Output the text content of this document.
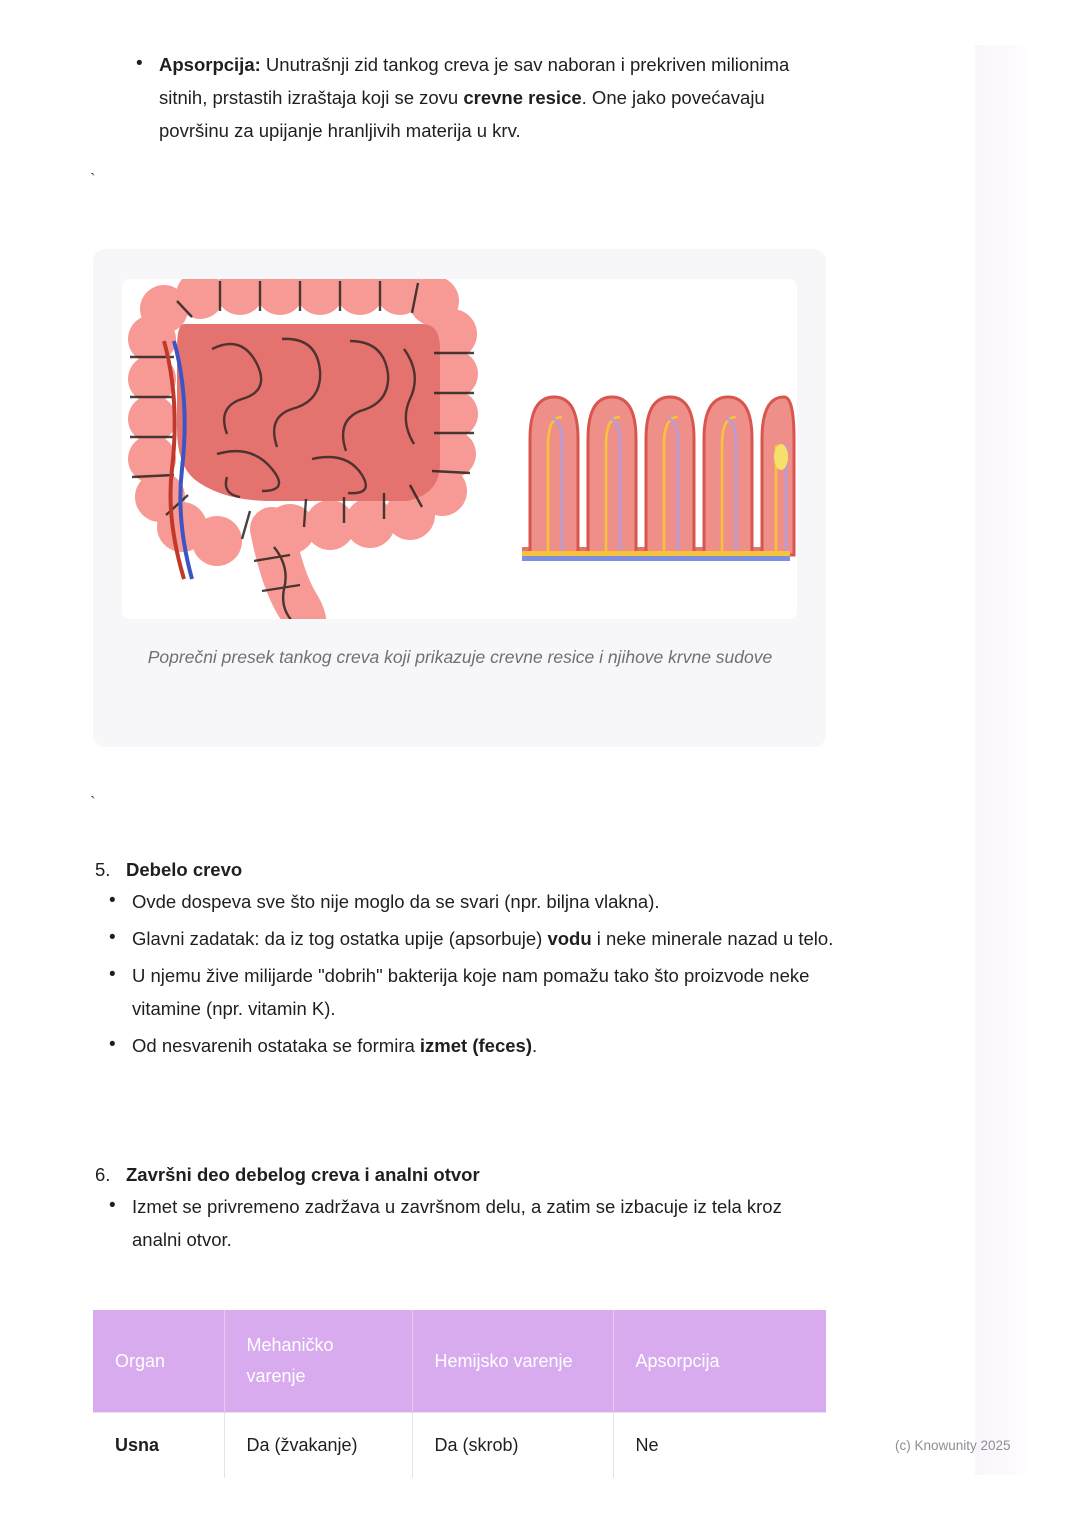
• Apsorpcija: Unutrašnji zid tankog creva je sav naboran i prekriven milionima sitnih, prstastih izraštaja koji se zovu crevne resice. One jako povećavaju površinu za upijanje hranljivih materija u krv.
`
Poprečni presek tankog creva koji prikazuje crevne resice i njihove krvne sudove
`
5. Debelo crevo
• Ovde dospeva sve što nije moglo da se svari (npr. biljna vlakna).
• Glavni zadatak: da iz tog ostatka upije (apsorbuje) vodu i neke minerale nazad u telo.
• U njemu žive milijarde "dobrih" bakterija koje nam pomažu tako što proizvode neke vitamine (npr. vitamin K).
• Od nesvarenih ostataka se formira izmet (feces).
6. Završni deo debelog creva i analni otvor
• Izmet se privremeno zadržava u završnom delu, a zatim se izbacuje iz tela kroz analni otvor.
Organ	Mehaničko varenje	Hemijsko varenje	Apsorpcija
Usna	Da (žvakanje)	Da (skrob)	Ne	(c) Knowunity 2025
